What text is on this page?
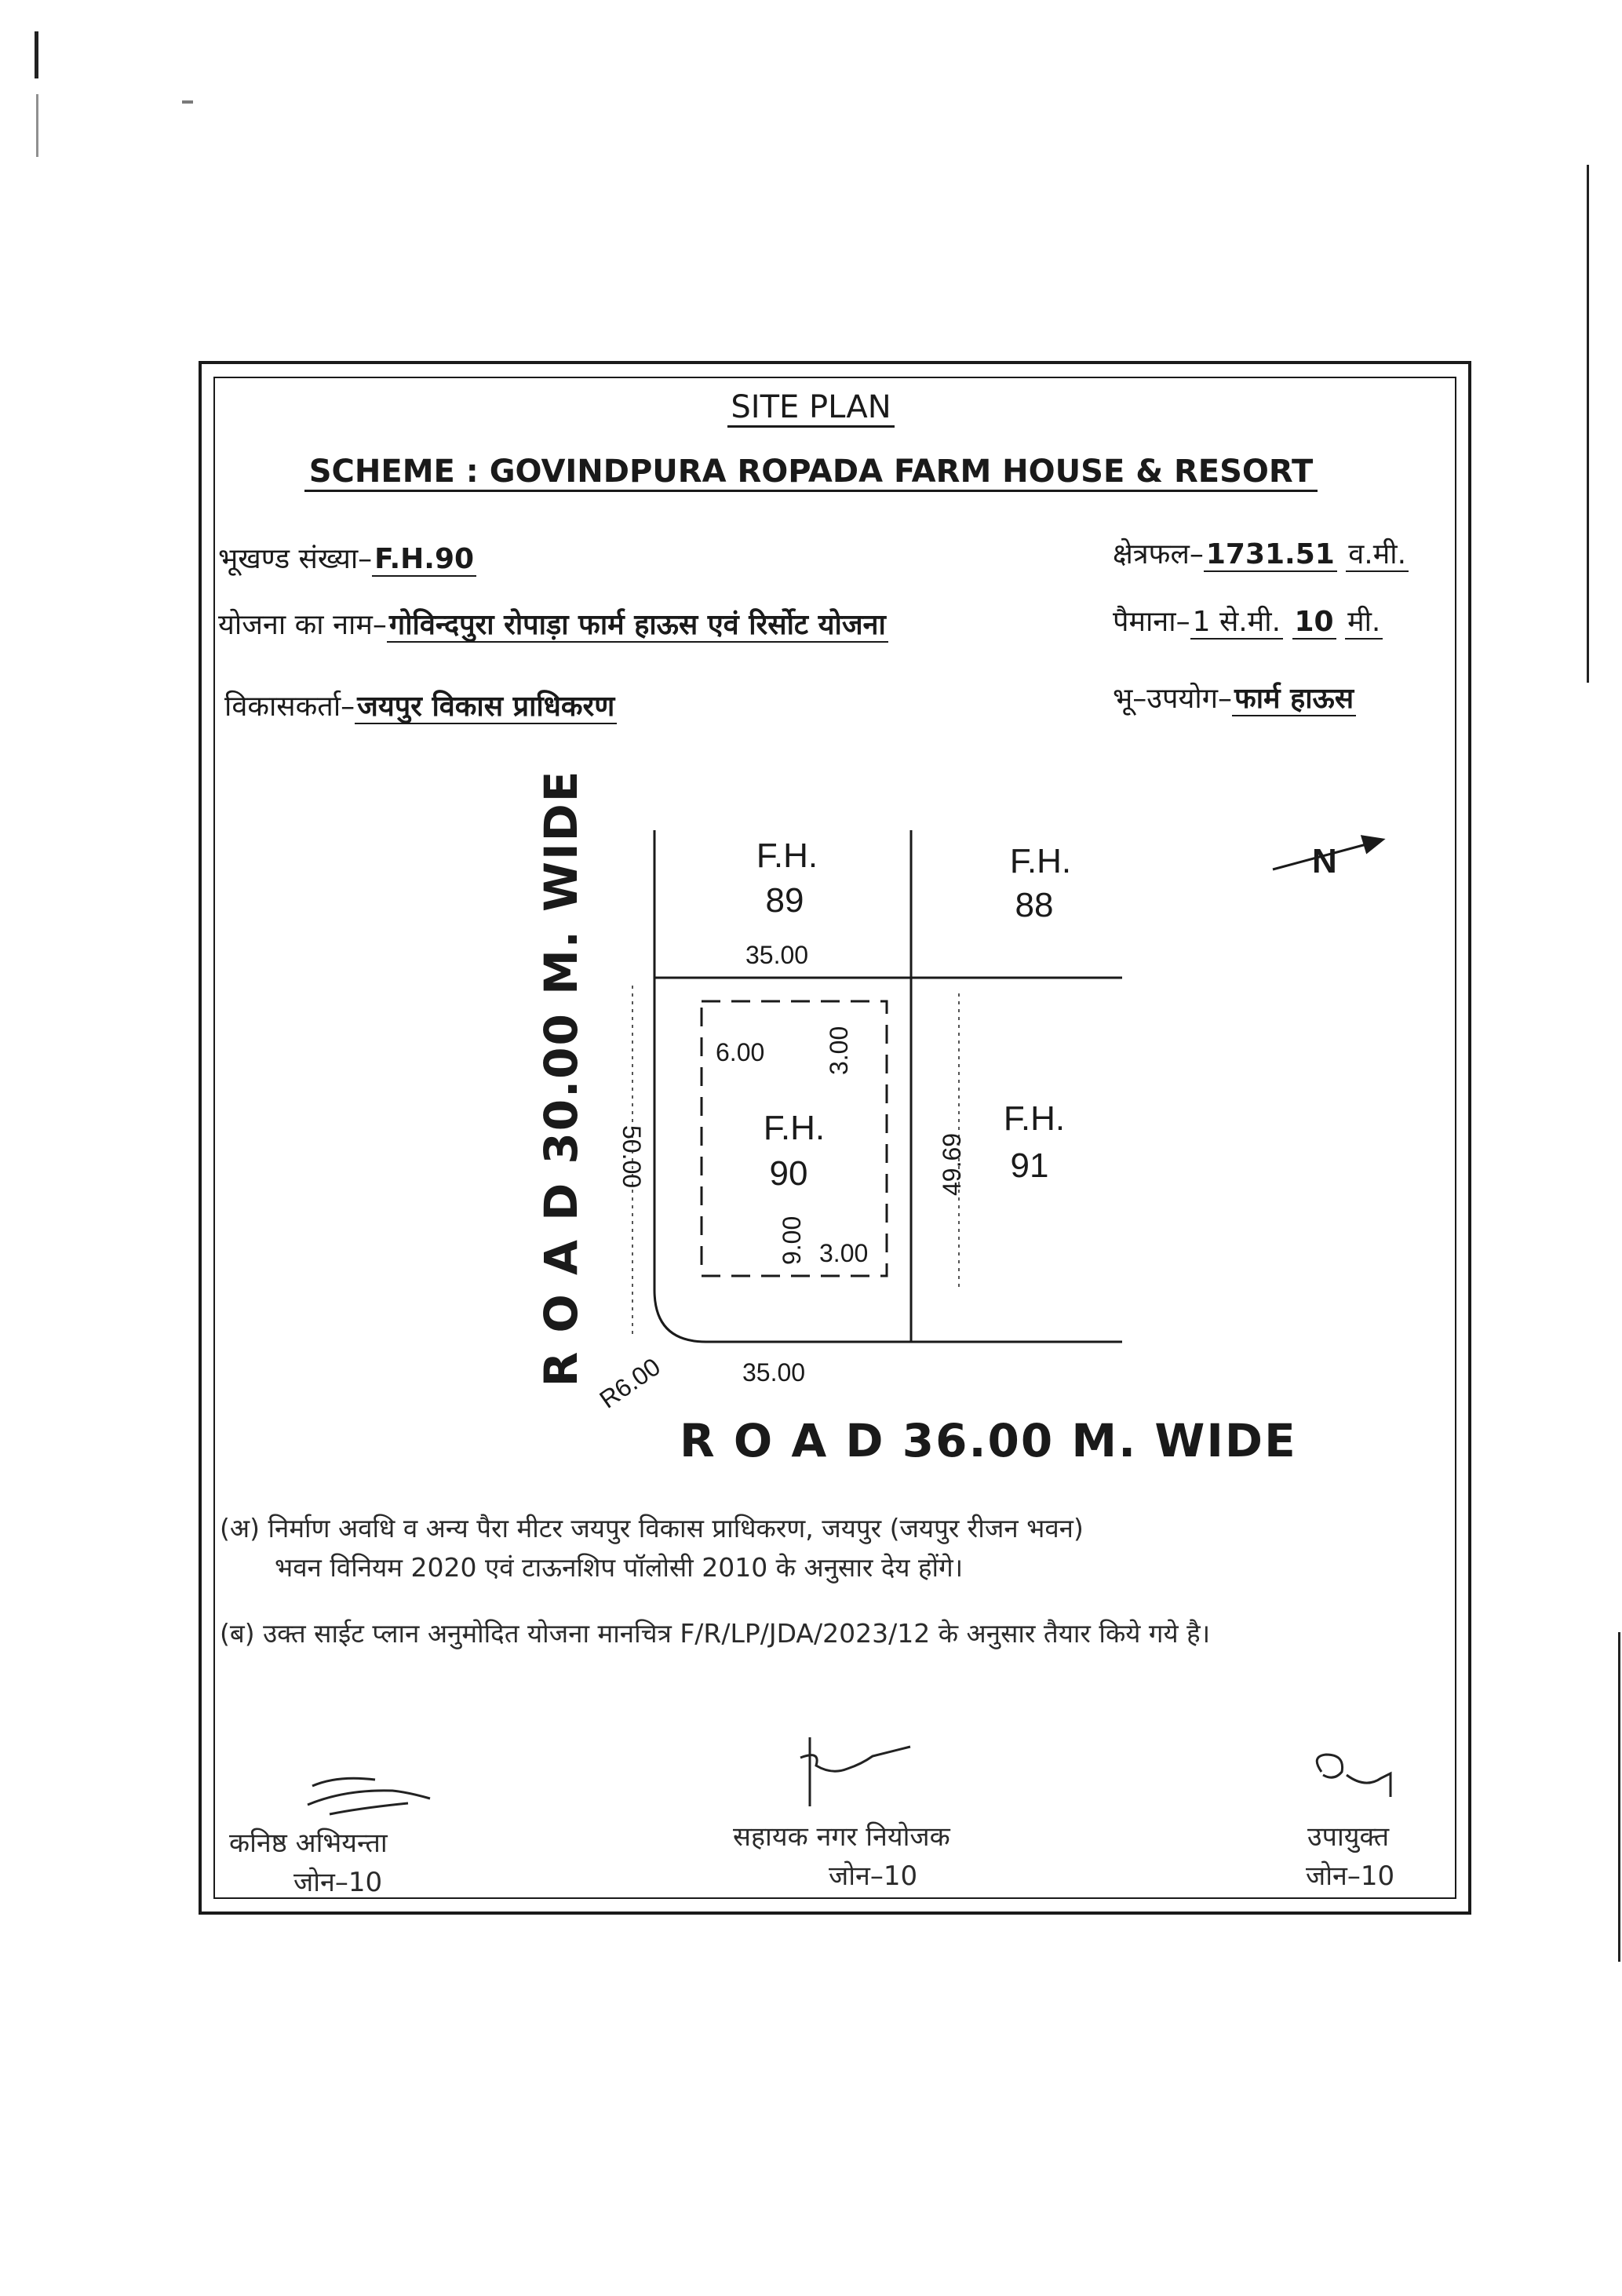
SITE PLAN
SCHEME : GOVINDPURA ROPADA FARM HOUSE & RESORT
भूखण्ड संख्या–F.H.90	क्षेत्रफल–1731.51 व.मी.
योजना का नाम–गोविन्दपुरा रोपाड़ा फार्म हाऊस एवं रिर्सोट योजना	पैमाना–1 से.मी. 10 मी.
विकासकर्ता–जयपुर विकास प्राधिकरण	भू–उपयोग–फार्म हाऊस
N
F.H.
89
F.H.
88
F.H.
90
F.H.
91
35.00
35.00
6.00
3.00
50.00
3.00
9.00
49.69
R6.00
R O A D 30.00 M. WIDE
R O A D 36.00 M. WIDE
(अ) निर्माण अवधि व अन्य पैरा मीटर जयपुर विकास प्राधिकरण, जयपुर (जयपुर रीजन भवन)
भवन विनियम 2020 एवं टाऊनशिप पॉलोसी 2010 के अनुसार देय होंगे।
(ब) उक्त साईट प्लान अनुमोदित योजना मानचित्र F/R/LP/JDA/2023/12 के अनुसार तैयार किये गये है।
कनिष्ठ अभियन्ता
जोन–10
सहायक नगर नियोजक
जोन–10
उपायुक्त
जोन–10
